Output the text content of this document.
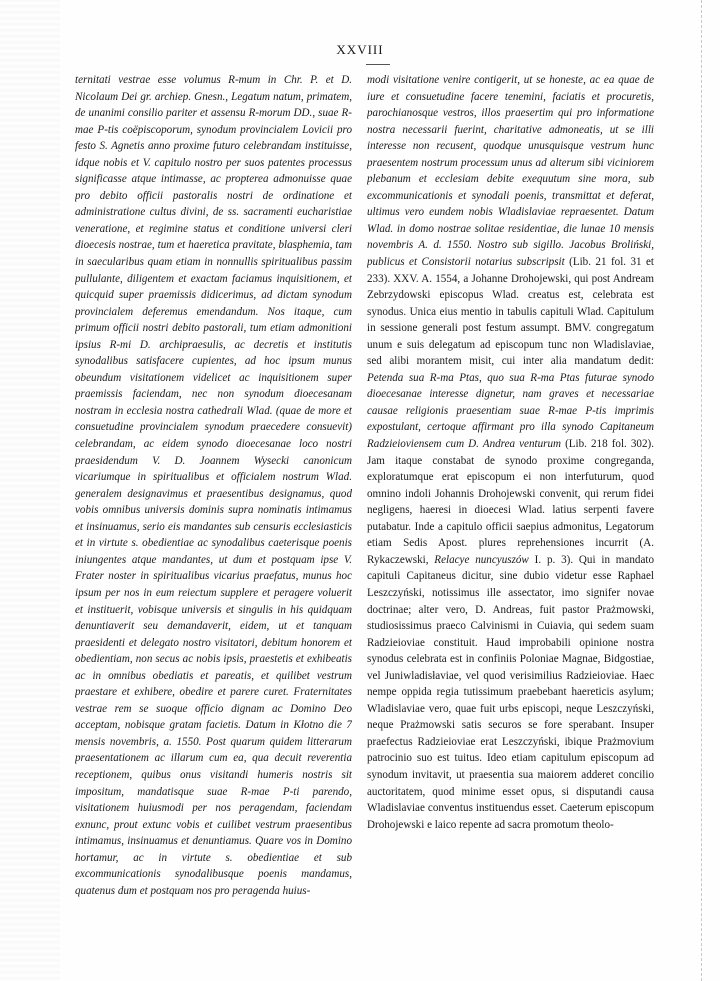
XXVIII

ternitati vestrae esse volumus R-mum in Chr. P. et D. Nicolaum Dei gr. archiep. Gnesn., Legatum natum, primatem, de unanimi consilio pariter et assensu R-morum DD., suae R-mae P-tis coëpiscoporum, synodum provincialem Lovicii pro festo S. Agnetis anno proxime futuro celebrandam instituisse, idque nobis et V. capitulo nostro per suos patentes processus significasse atque intimasse, ac propterea admonuisse quae pro debito officii pastoralis nostri de ordinatione et administratione cultus divini, de ss. sacramenti eucharistiae veneratione, et regimine status et conditione universi cleri dioecesis nostrae, tum et haeretica pravitate, blasphemia, tam in saecularibus quam etiam in nonnullis spiritualibus passim pullulante, diligentem et exactam faciamus inquisitionem, et quicquid super praemissis didicerimus, ad dictam synodum provincialem deferemus emendandum. Nos itaque, cum primum officii nostri debito pastorali, tum etiam admonitioni ipsius R-mi D. archipraesulis, ac decretis et institutis synodalibus satisfacere cupientes, ad hoc ipsum munus obeundum visitationem videlicet ac inquisitionem super praemissis faciendam, nec non synodum dioecesanam nostram in ecclesia nostra cathedrali Wlad. (quae de more et consuetudine provincialem synodum praecedere consuevit) celebrandam, ac eidem synodo dioecesanae loco nostri praesidendum V. D. Joannem Wysecki canonicum vicariumque in spiritualibus et officialem nostrum Wlad. generalem designavimus et praesentibus designamus, quod vobis omnibus universis dominis supra nominatis intimamus et insinuamus, serio eis mandantes sub censuris ecclesiasticis et in virtute s. obedientiae ac synodalibus caeterisque poenis iniungentes atque mandantes, ut dum et postquam ipse V. Frater noster in spiritualibus vicarius praefatus, munus hoc ipsum per nos in eum reiectum supplere et peragere voluerit et instituerit, vobisque universis et singulis in his quidquam denuntiaverit seu demandaverit, eidem, ut et tanquam praesidenti et delegato nostro visitatori, debitum honorem et obedientiam, non secus ac nobis ipsis, praestetis et exhibeatis ac in omnibus obediatis et pareatis, et quilibet vestrum praestare et exhibere, obedire et parere curet. Fraternitates vestrae rem se suoque officio dignam ac Domino Deo acceptam, nobisque gratam facietis. Datum in Kłotno die 7 mensis novembris, a. 1550. Post quarum quidem litterarum praesentationem ac illarum cum ea, qua decuit reverentia receptionem, quibus onus visitandi humeris nostris sit impositum, mandatisque suae R-mae P-ti parendo, visitationem huiusmodi per nos peragendam, faciendam exnunc, prout extunc vobis et cuilibet vestrum praesentibus intimamus, insinuamus et denuntiamus. Quare vos in Domino hortamur, ac in virtute s. obedientiae et sub excommunicationis synodalibusque poenis mandamus, quatenus dum et postquam nos pro peragenda huius-

modi visitatione venire contigerit, ut se honeste, ac ea quae de iure et consuetudine facere tenemini, faciatis et procuretis, parochianosque vestros, illos praesertim qui pro informatione nostra necessarii fuerint, charitative admoneatis, ut se illi interesse non recusent, quodque unusquisque vestrum hunc praesentem nostrum processum unus ad alterum sibi viciniorem plebanum et ecclesiam debite exequutum sine mora, sub excommunicationis et synodali poenis, transmittat et deferat, ultimus vero eundem nobis Wladislaviae repraesentet. Datum Wlad. in domo nostrae solitae residentiae, die lunae 10 mensis novembris A. d. 1550. Nostro sub sigillo. Jacobus Broliński, publicus et Consistorii notarius subscripsit (Lib. 21 fol. 31 et 233). XXV. A. 1554, a Johanne Drohojewski, qui post Andream Zebrzydowski episcopus Wlad. creatus est, celebrata est synodus. Unica eius mentio in tabulis capituli Wlad. Capitulum in sessione generali post festum assumpt. BMV. congregatum unum e suis delegatum ad episcopum tunc non Wladislaviae, sed alibi morantem misit, cui inter alia mandatum dedit: Petenda sua R-ma Ptas, quo sua R-ma Ptas futurae synodo dioecesanae interesse dignetur, nam graves et necessariae causae religionis praesentiam suae R-mae P-tis imprimis expostulant, certoque affirmant pro illa synodo Capitaneum Radzieioviensem cum D. Andrea venturum (Lib. 218 fol. 302). Jam itaque constabat de synodo proxime congreganda, exploratumque erat episcopum ei non interfuturum, quod omnino indoli Johannis Drohojewski convenit, qui rerum fidei negligens, haeresi in dioecesi Wlad. latius serpenti favere putabatur. Inde a capitulo officii saepius admonitus, Legatorum etiam Sedis Apost. plures reprehensiones incurrit (A. Rykaczewski, Relacye nuncyuszów I. p. 3). Qui in mandato capituli Capitaneus dicitur, sine dubio videtur esse Raphael Leszczyński, notissimus ille assectator, imo signifer novae doctrinae; alter vero, D. Andreas, fuit pastor Prażmowski, studiosissimus praeco Calvinismi in Cuiavia, qui sedem suam Radzieioviae constituit. Haud improbabili opinione nostra synodus celebrata est in confiniis Poloniae Magnae, Bidgostiae, vel Juniwladisłaviae, vel quod verisimilius Radzieioviae. Haec nempe oppida regia tutissimum praebebant haereticis asylum; Wladislaviae vero, quae fuit urbs episcopi, neque Leszczyński, neque Prażmowski satis securos se fore sperabant. Insuper praefectus Radzieioviae erat Leszczyński, ibique Prażmovium patrocinio suo est tuitus. Ideo etiam capitulum episcopum ad synodum invitavit, ut praesentia sua maiorem adderet concilio auctoritatem, quod minime esset opus, si disputandi causa Wladislaviae conventus instituendus esset. Caeterum episcopum Drohojewski e laico repente ad sacra promotum theolo-
